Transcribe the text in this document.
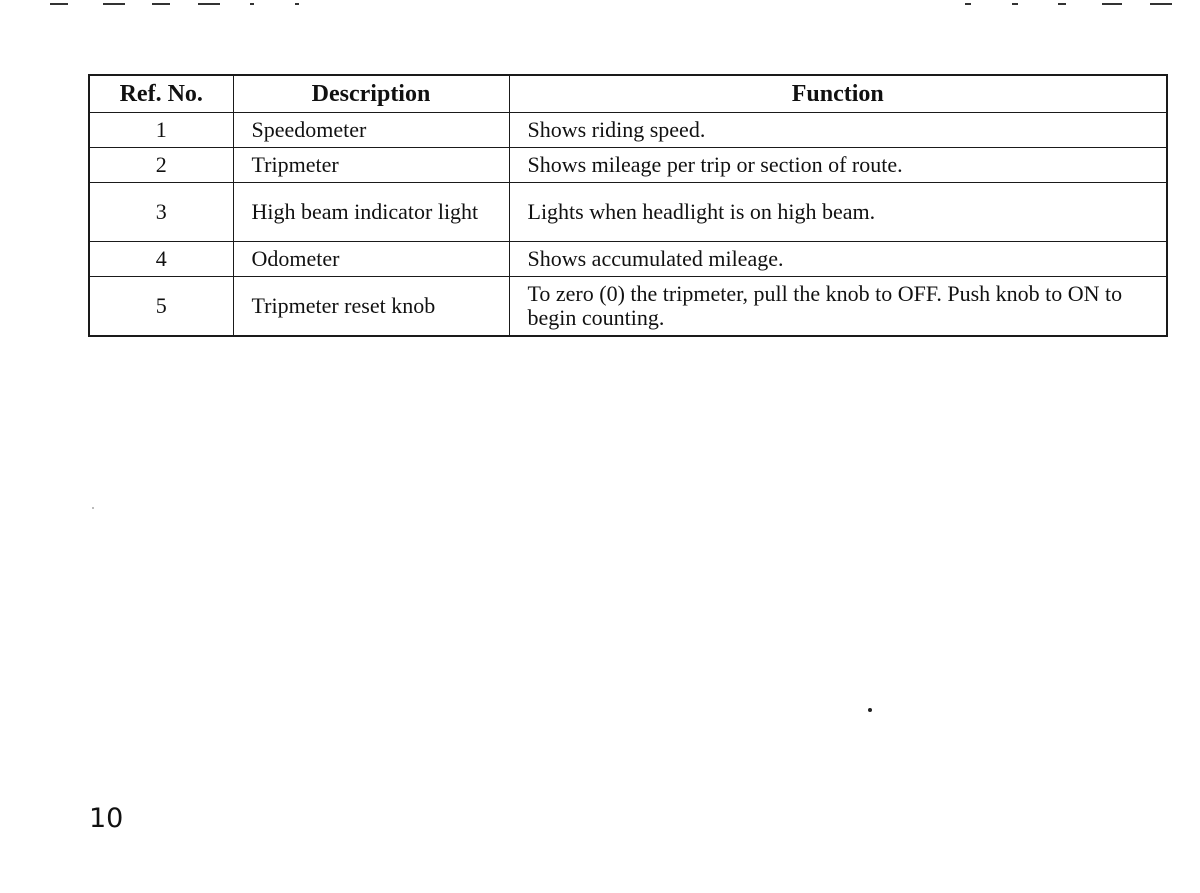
Ref. No.	Description	Function
1	Speedometer	Shows riding speed.
2	Tripmeter	Shows mileage per trip or section of route.
3	High beam indicator light	Lights when headlight is on high beam.
4	Odometer	Shows accumulated mileage.
5	Tripmeter reset knob	To zero (0) the tripmeter, pull the knob to OFF. Push knob to ON to begin counting.
10
